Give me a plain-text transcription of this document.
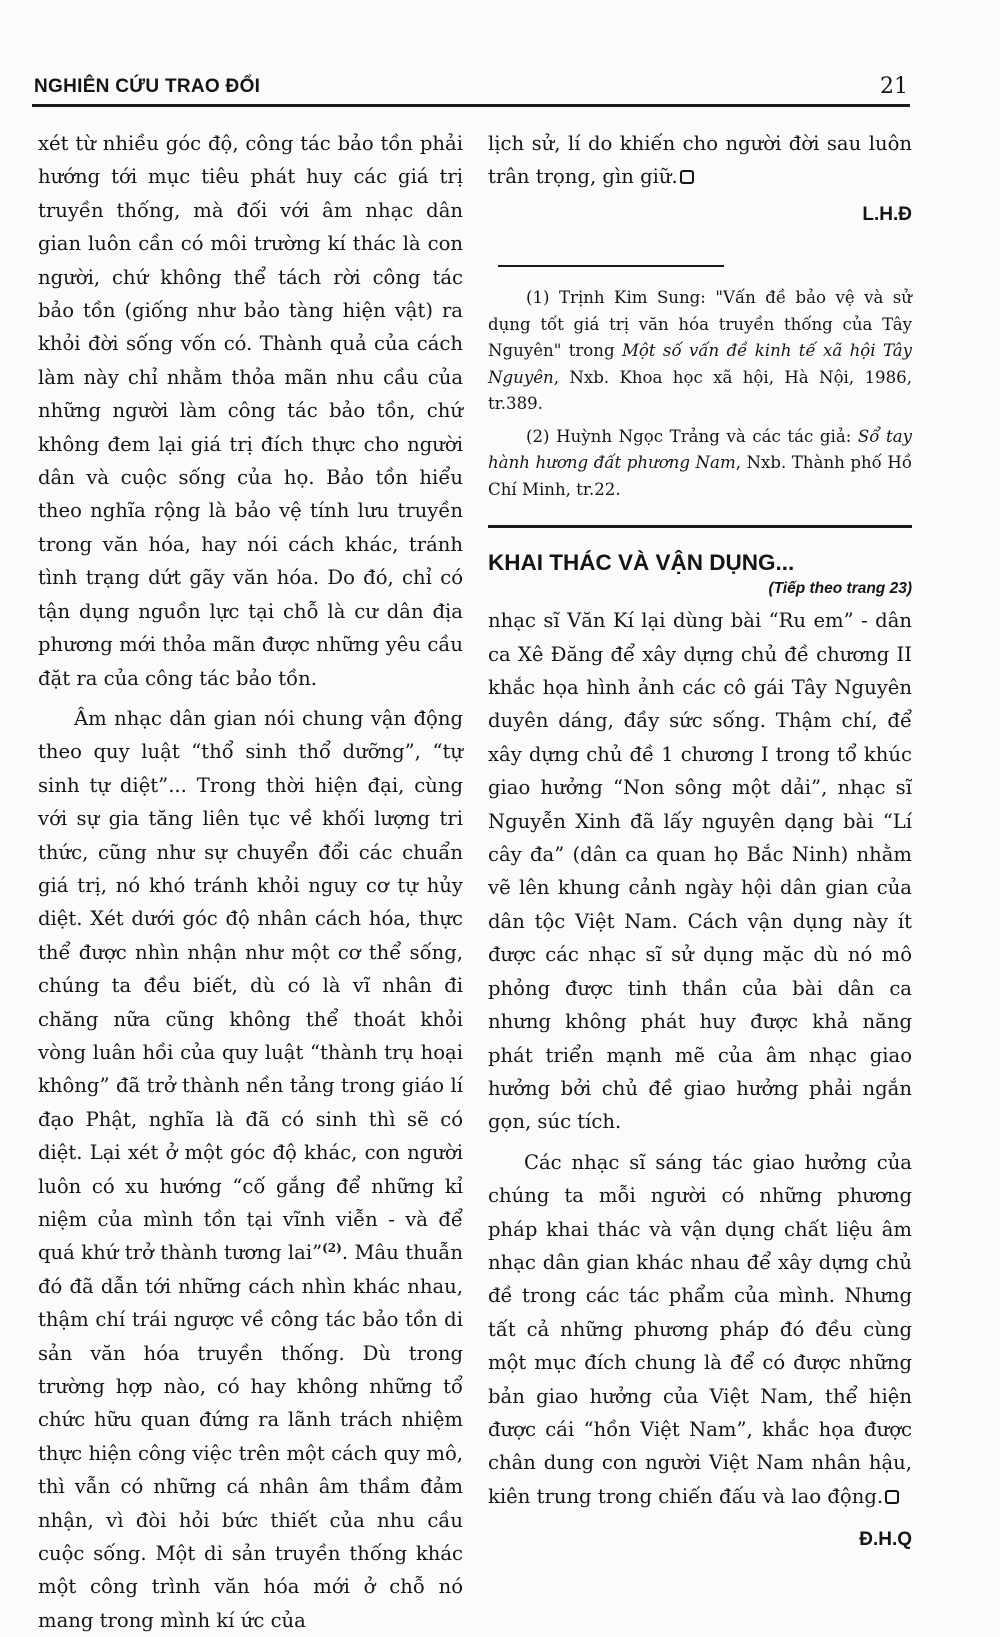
NGHIÊN CỨU TRAO ĐỔI	21

xét từ nhiều góc độ, công tác bảo tồn phải hướng tới mục tiêu phát huy các giá trị truyền thống, mà đối với âm nhạc dân gian luôn cần có môi trường kí thác là con người, chứ không thể tách rời công tác bảo tồn (giống như bảo tàng hiện vật) ra khỏi đời sống vốn có. Thành quả của cách làm này chỉ nhằm thỏa mãn nhu cầu của những người làm công tác bảo tồn, chứ không đem lại giá trị đích thực cho người dân và cuộc sống của họ. Bảo tồn hiểu theo nghĩa rộng là bảo vệ tính lưu truyền trong văn hóa, hay nói cách khác, tránh tình trạng dứt gãy văn hóa. Do đó, chỉ có tận dụng nguồn lực tại chỗ là cư dân địa phương mới thỏa mãn được những yêu cầu đặt ra của công tác bảo tồn.

Âm nhạc dân gian nói chung vận động theo quy luật “thổ sinh thổ dưỡng”, “tự sinh tự diệt”... Trong thời hiện đại, cùng với sự gia tăng liên tục về khối lượng tri thức, cũng như sự chuyển đổi các chuẩn giá trị, nó khó tránh khỏi nguy cơ tự hủy diệt. Xét dưới góc độ nhân cách hóa, thực thể được nhìn nhận như một cơ thể sống, chúng ta đều biết, dù có là vĩ nhân đi chăng nữa cũng không thể thoát khỏi vòng luân hồi của quy luật “thành trụ hoại không” đã trở thành nền tảng trong giáo lí đạo Phật, nghĩa là đã có sinh thì sẽ có diệt. Lại xét ở một góc độ khác, con người luôn có xu hướng “cố gắng để những kỉ niệm của mình tồn tại vĩnh viễn - và để quá khứ trở thành tương lai”$^{(2)}$. Mâu thuẫn đó đã dẫn tới những cách nhìn khác nhau, thậm chí trái ngược về công tác bảo tồn di sản văn hóa truyền thống. Dù trong trường hợp nào, có hay không những tổ chức hữu quan đứng ra lãnh trách nhiệm thực hiện công việc trên một cách quy mô, thì vẫn có những cá nhân âm thầm đảm nhận, vì đòi hỏi bức thiết của nhu cầu cuộc sống. Một di sản truyền thống khác một công trình văn hóa mới ở chỗ nó mang trong mình kí ức của

lịch sử, lí do khiến cho người đời sau luôn trân trọng, gìn giữ.

L.H.Đ

(1) Trịnh Kim Sung: "Vấn đề bảo vệ và sử dụng tốt giá trị văn hóa truyền thống của Tây Nguyên" trong Một số vấn đề kinh tế xã hội Tây Nguyên, Nxb. Khoa học xã hội, Hà Nội, 1986, tr.389.

(2) Huỳnh Ngọc Trảng và các tác giả: Sổ tay hành hương đất phương Nam, Nxb. Thành phố Hồ Chí Minh, tr.22.

KHAI THÁC VÀ VẬN DỤNG...
(Tiếp theo trang 23)

nhạc sĩ Văn Kí lại dùng bài “Ru em” - dân ca Xê Đăng để xây dựng chủ đề chương II khắc họa hình ảnh các cô gái Tây Nguyên duyên dáng, đầy sức sống. Thậm chí, để xây dựng chủ đề 1 chương I trong tổ khúc giao hưởng “Non sông một dải”, nhạc sĩ Nguyễn Xinh đã lấy nguyên dạng bài “Lí cây đa” (dân ca quan họ Bắc Ninh) nhằm vẽ lên khung cảnh ngày hội dân gian của dân tộc Việt Nam. Cách vận dụng này ít được các nhạc sĩ sử dụng mặc dù nó mô phỏng được tinh thần của bài dân ca nhưng không phát huy được khả năng phát triển mạnh mẽ của âm nhạc giao hưởng bởi chủ đề giao hưởng phải ngắn gọn, súc tích.

Các nhạc sĩ sáng tác giao hưởng của chúng ta mỗi người có những phương pháp khai thác và vận dụng chất liệu âm nhạc dân gian khác nhau để xây dựng chủ đề trong các tác phẩm của mình. Nhưng tất cả những phương pháp đó đều cùng một mục đích chung là để có được những bản giao hưởng của Việt Nam, thể hiện được cái “hồn Việt Nam”, khắc họa được chân dung con người Việt Nam nhân hậu, kiên trung trong chiến đấu và lao động.

Đ.H.Q
